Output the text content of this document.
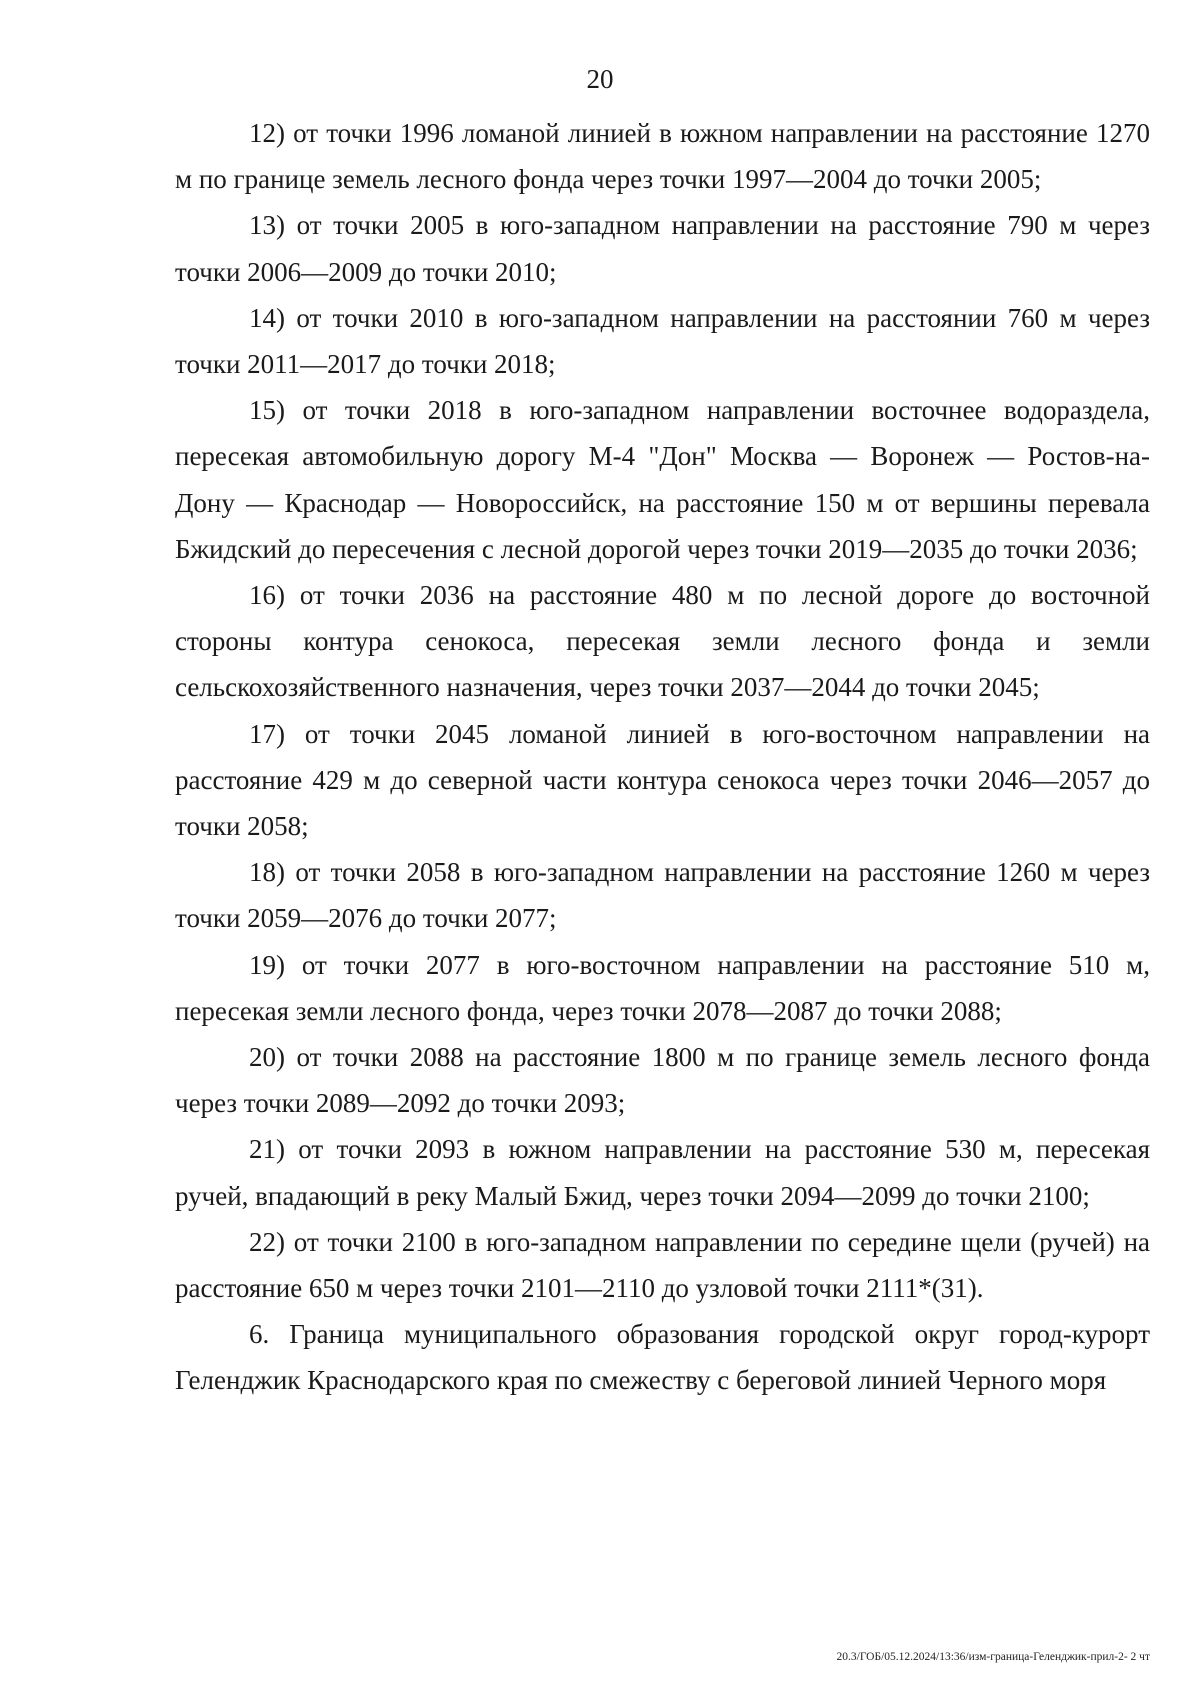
20

12) от точки 1996 ломаной линией в южном направлении на расстояние 1270 м по границе земель лесного фонда через точки 1997—2004 до точки 2005;

13) от точки 2005 в юго-западном направлении на расстояние 790 м через точки 2006—2009 до точки 2010;

14) от точки 2010 в юго-западном направлении на расстоянии 760 м через точки 2011—2017 до точки 2018;

15) от точки 2018 в юго-западном направлении восточнее водораздела, пересекая автомобильную дорогу М-4 "Дон" Москва — Воронеж — Ростов-на-Дону — Краснодар — Новороссийск, на расстояние 150 м от вершины перевала Бжидский до пересечения с лесной дорогой через точки 2019—2035 до точки 2036;

16) от точки 2036 на расстояние 480 м по лесной дороге до восточной стороны контура сенокоса, пересекая земли лесного фонда и земли сельскохозяйственного назначения, через точки 2037—2044 до точки 2045;

17) от точки 2045 ломаной линией в юго-восточном направлении на расстояние 429 м до северной части контура сенокоса через точки 2046—2057 до точки 2058;

18) от точки 2058 в юго-западном направлении на расстояние 1260 м через точки 2059—2076 до точки 2077;

19) от точки 2077 в юго-восточном направлении на расстояние 510 м, пересекая земли лесного фонда, через точки 2078—2087 до точки 2088;

20) от точки 2088 на расстояние 1800 м по границе земель лесного фонда через точки 2089—2092 до точки 2093;

21) от точки 2093 в южном направлении на расстояние 530 м, пересекая ручей, впадающий в реку Малый Бжид, через точки 2094—2099 до точки 2100;

22) от точки 2100 в юго-западном направлении по середине щели (ручей) на расстояние 650 м через точки 2101—2110 до узловой точки 2111*(31).

6. Граница муниципального образования городской округ город-курорт Геленджик Краснодарского края по смежеству с береговой линией Черного моря

20.3/ГОБ/05.12.2024/13:36/изм-граница-Геленджик-прил-2- 2 чт
